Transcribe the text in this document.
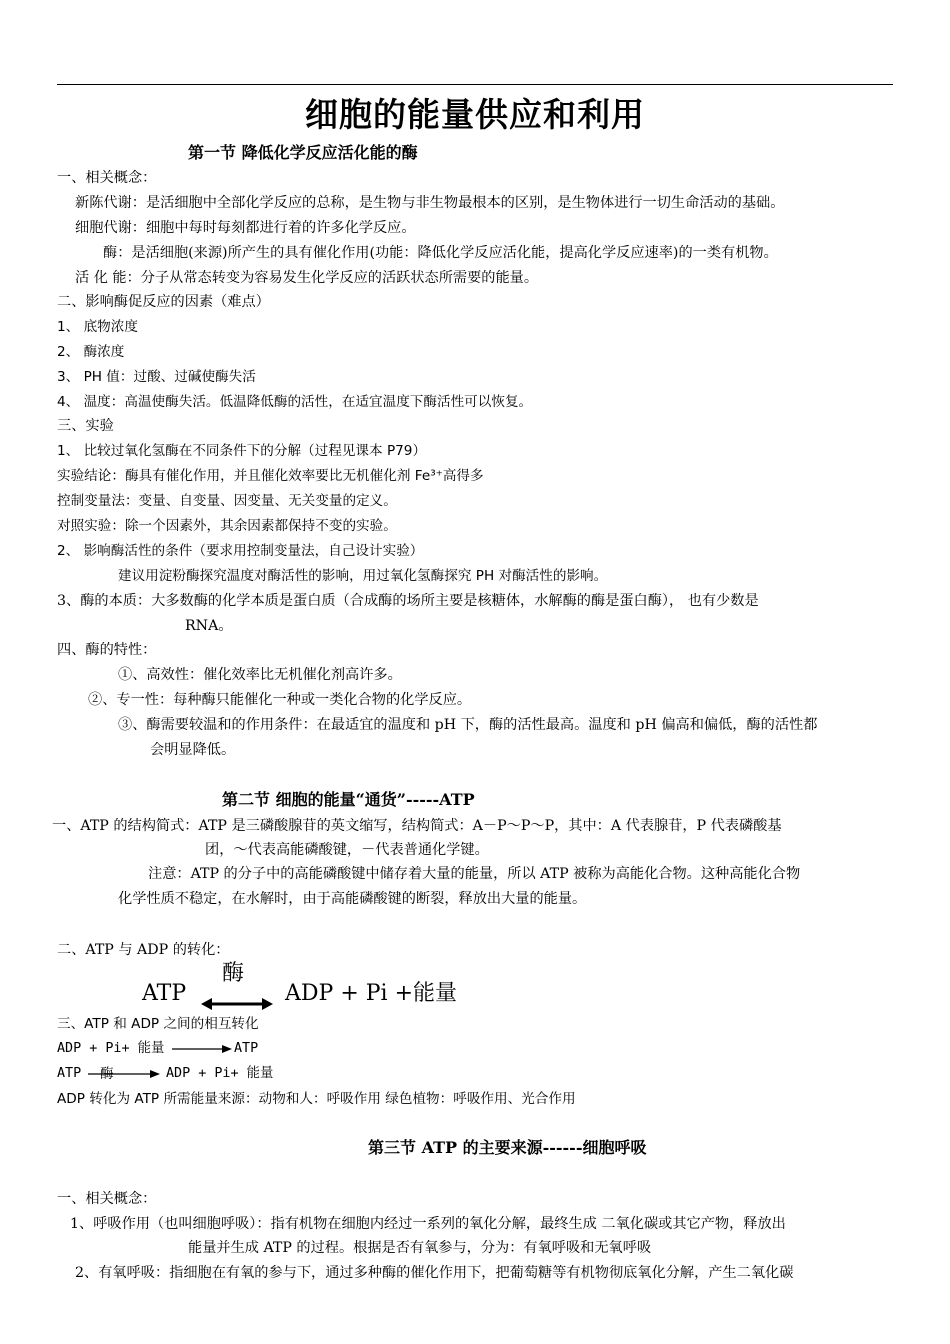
细胞的能量供应和利用
第一节 降低化学反应活化能的酶
一、相关概念：
新陈代谢：是活细胞中全部化学反应的总称，是生物与非生物最根本的区别，是生物体进行一切生命活动的基础。
细胞代谢：细胞中每时每刻都进行着的许多化学反应。
酶：是活细胞(来源)所产生的具有催化作用(功能：降低化学反应活化能，提高化学反应速率)的一类有机物。
活 化 能：分子从常态转变为容易发生化学反应的活跃状态所需要的能量。
二、影响酶促反应的因素（难点）
1、 底物浓度
2、 酶浓度
3、 PH 值：过酸、过碱使酶失活
4、 温度：高温使酶失活。低温降低酶的活性，在适宜温度下酶活性可以恢复。
三、实验
1、 比较过氧化氢酶在不同条件下的分解（过程见课本 P79）
实验结论：酶具有催化作用，并且催化效率要比无机催化剂 Fe³⁺高得多
控制变量法：变量、自变量、因变量、无关变量的定义。
对照实验：除一个因素外，其余因素都保持不变的实验。
2、 影响酶活性的条件（要求用控制变量法，自己设计实验）
建议用淀粉酶探究温度对酶活性的影响，用过氧化氢酶探究 PH 对酶活性的影响。
3、酶的本质：大多数酶的化学本质是蛋白质（合成酶的场所主要是核糖体，水解酶的酶是蛋白酶）， 也有少数是
RNA。
四、酶的特性：
①、高效性：催化效率比无机催化剂高许多。
②、专一性：每种酶只能催化一种或一类化合物的化学反应。
③、酶需要较温和的作用条件：在最适宜的温度和 pH 下，酶的活性最高。温度和 pH 偏高和偏低，酶的活性都
会明显降低。
第二节 细胞的能量“通货”-----ATP
一、ATP 的结构简式：ATP 是三磷酸腺苷的英文缩写，结构简式：A－P～P～P，其中：A 代表腺苷，P 代表磷酸基
团，～代表高能磷酸键，－代表普通化学键。
注意：ATP 的分子中的高能磷酸键中储存着大量的能量，所以 ATP 被称为高能化合物。这种高能化合物
化学性质不稳定，在水解时，由于高能磷酸键的断裂，释放出大量的能量。
二、ATP 与 ADP 的转化：
酶
ATP	ADP + Pi +能量
三、ATP 和 ADP 之间的相互转化
ADP + Pi+ 能量	ATP
ATP 酶	ADP + Pi+ 能量
ADP 转化为 ATP 所需能量来源：动物和人：呼吸作用 绿色植物：呼吸作用、光合作用
第三节 ATP 的主要来源------细胞呼吸
一、相关概念：
1、呼吸作用（也叫细胞呼吸）：指有机物在细胞内经过一系列的氧化分解，最终生成 二氧化碳或其它产物，释放出
能量并生成 ATP 的过程。根据是否有氧参与，分为：有氧呼吸和无氧呼吸
2、有氧呼吸：指细胞在有氧的参与下，通过多种酶的催化作用下，把葡萄糖等有机物彻底氧化分解，产生二氧化碳
